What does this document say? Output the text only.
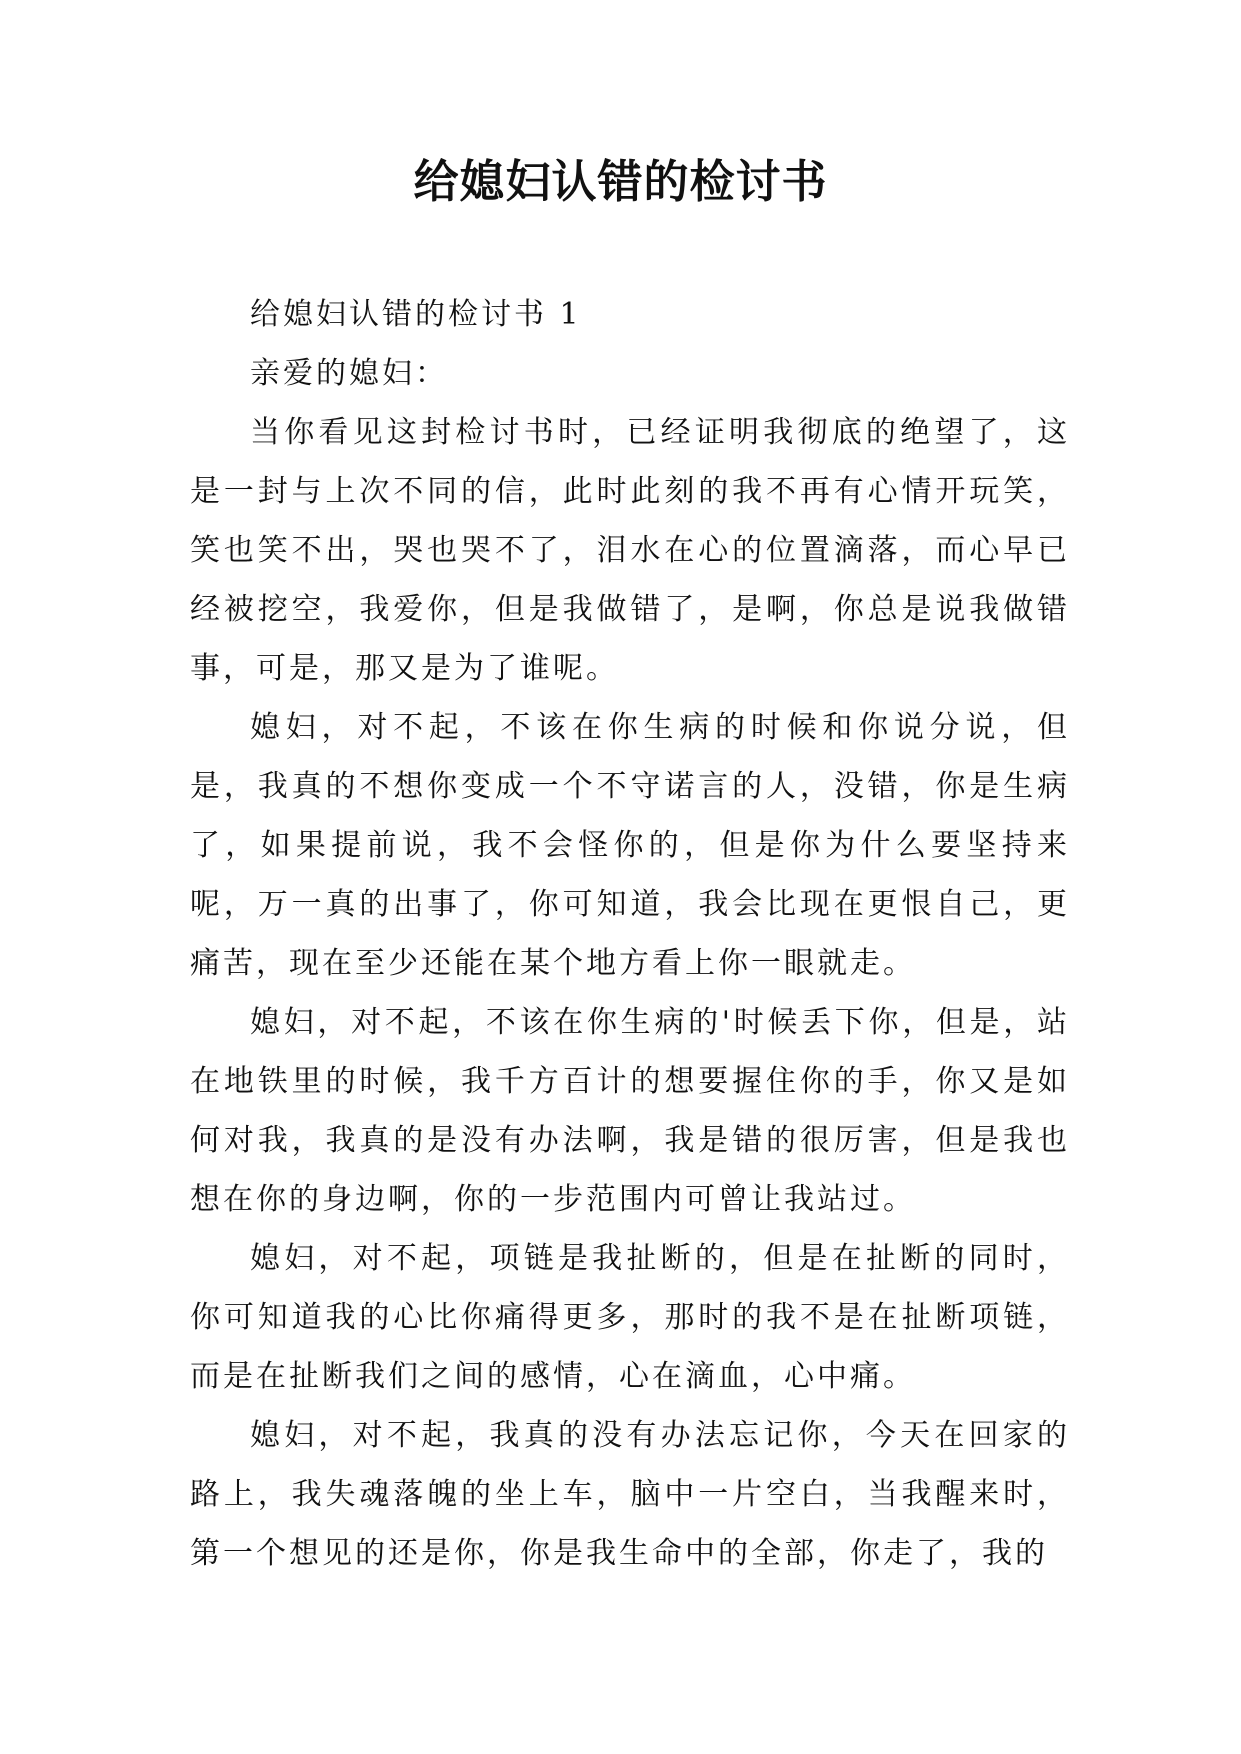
给媳妇认错的检讨书

给媳妇认错的检讨书 1

亲爱的媳妇：

当你看见这封检讨书时，已经证明我彻底的绝望了，这是一封与上次不同的信，此时此刻的我不再有心情开玩笑，笑也笑不出，哭也哭不了，泪水在心的位置滴落，而心早已经被挖空，我爱你，但是我做错了，是啊，你总是说我做错事，可是，那又是为了谁呢。

媳妇，对不起，不该在你生病的时候和你说分说，但是，我真的不想你变成一个不守诺言的人，没错，你是生病了，如果提前说，我不会怪你的，但是你为什么要坚持来呢，万一真的出事了，你可知道，我会比现在更恨自己，更痛苦，现在至少还能在某个地方看上你一眼就走。

媳妇，对不起，不该在你生病的'时候丢下你，但是，站在地铁里的时候，我千方百计的想要握住你的手，你又是如何对我，我真的是没有办法啊，我是错的很厉害，但是我也想在你的身边啊，你的一步范围内可曾让我站过。

媳妇，对不起，项链是我扯断的，但是在扯断的同时，你可知道我的心比你痛得更多，那时的我不是在扯断项链，而是在扯断我们之间的感情，心在滴血，心中痛。

媳妇，对不起，我真的没有办法忘记你，今天在回家的路上，我失魂落魄的坐上车，脑中一片空白，当我醒来时，第一个想见的还是你，你是我生命中的全部，你走了，我的
